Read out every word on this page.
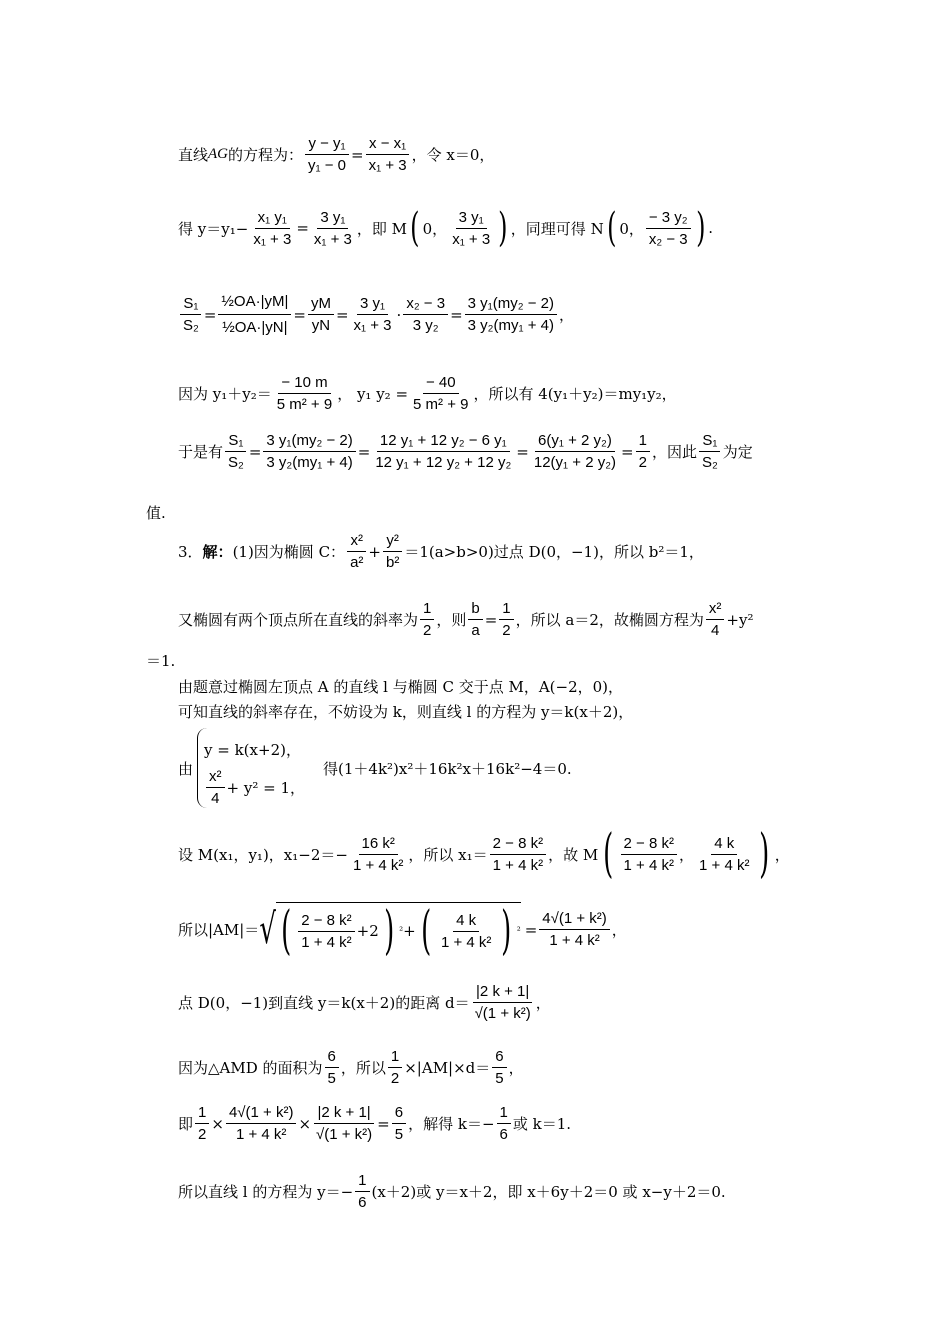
直线 AG 的方程为： $\frac{\text{y − y₁}}{\text{y₁ − 0}} = \frac{\text{x − x₁}}{\text{x₁ + 3}}$ ，令 x＝0，
得 $y=y_1- \frac{\text{x₁ y₁}}{\text{x₁ + 3}} = \frac{\text{3 y₁}}{\text{x₁ + 3}}$ ，即 M ( 0， $\frac{\text{3 y₁}}{\text{x₁ + 3}}$ ) ，同理可得 N ( 0， $\frac{\text{− 3 y₂}}{\text{x₂ − 3}}$ ) .
$\frac{\text{S₁}}{\text{S₂}} = \frac{\text{½OA·|yM|}}{\text{½OA·|yN|}} = \frac{yM}{yN} = \frac{\text{3 y₁}}{\text{x₁ + 3}} \cdot \frac{\text{x₂ − 3}}{\text{3 y₂}} = \frac{\text{3 y₁(my₂ − 2)}}{\text{3 y₂(my₁ + 4)}}$ ，
因为 $y_1+y_2= \frac{- 10 m}{\text{5 m² + 9}}$ ， y₁ $y_2 = \frac{- 40}{\text{5 m² + 9}}$ ，所以有 4(y₁＋y₂)＝my₁y₂，
于是有 $\frac{\text{S₁}}{\text{S₂}} = \frac{\text{3 y₁(my₂ − 2)}}{\text{3 y₂(my₁ + 4)}} = \frac{\text{12 y₁ + 12 y₂ − 6 y₁}}{\text{12 y₁ + 12 y₂ + 12 y₂}} = \frac{\text{6(y₁ + 2 y₂)}}{\text{12(y₁ + 2 y₂)}} = \frac{1}{2}$ ，因此 $\frac{\text{S₁}}{\text{S₂}}$ 为定
值.
3． 解： (1)因为椭圆 C： $\frac{\text{x²}}{\text{a²}} + \frac{\text{y²}}{\text{b²}} =1(a>b>0)$过点 D(0，−1)，所以 b²＝1，
又椭圆有两个顶点所在直线的斜率为 $\frac{1}{2}$ ，则 $\frac{b}{a} = \frac{1}{2}$ ，所以 a＝2，故椭圆方程为 $\frac{\text{x²}}{4} +y^2$
＝1.
由题意过椭圆左顶点 A 的直线 l 与椭圆 C 交于点 M，A(−2，0)，
可知直线的斜率存在，不妨设为 k，则直线 l 的方程为 y＝k(x＋2)，
由
y = k(x+2)，
$\frac{\text{x²}}{4} + y^2 = 1$，
得(1＋4k²)x²＋16k²x＋16k²−4＝0.
设 M(x₁，y₁)，$x_1-2=- \frac{\text{16 k²}}{\text{1 + 4 k²}}$ ，所以 $x_1= \frac{\text{2 − 8 k²}}{\text{1 + 4 k²}}$ ，故 M ( $\frac{\text{2 − 8 k²}}{\text{1 + 4 k²}}$ ， $\frac{4 k}{\text{1 + 4 k²}}$ ) ，
所以|AM|＝ √ ( $\frac{\text{2 − 8 k²}}{\text{1 + 4 k²}} +2$ ) ² + ( $\frac{4 k}{\text{1 + 4 k²}}$ ) $^2 = \frac{\text{4√(1 + k²)}}{\text{1 + 4 k²}}$ ，
点 D(0，−1)到直线 y＝k(x＋2)的距离 $d= \frac{|2 k + 1|}{\text{√(1 + k²)}}$ ，
因为△AMD 的面积为 $\frac{6}{5}$ ，所以 $\frac{1}{2} \times|AM|\times d= \frac{6}{5}$ ，
即 $\frac{1}{2} \times \frac{\text{4√(1 + k²)}}{\text{1 + 4 k²}} \times \frac{|2 k + 1|}{\text{√(1 + k²)}} = \frac{6}{5}$ ，解得 $k=- \frac{1}{6}$ 或 k＝1.
所以直线 l 的方程为 $y=- \frac{1}{6} (x+2)$或 y＝x＋2，即 x＋6y＋2＝0 或 x−y＋2＝0.
